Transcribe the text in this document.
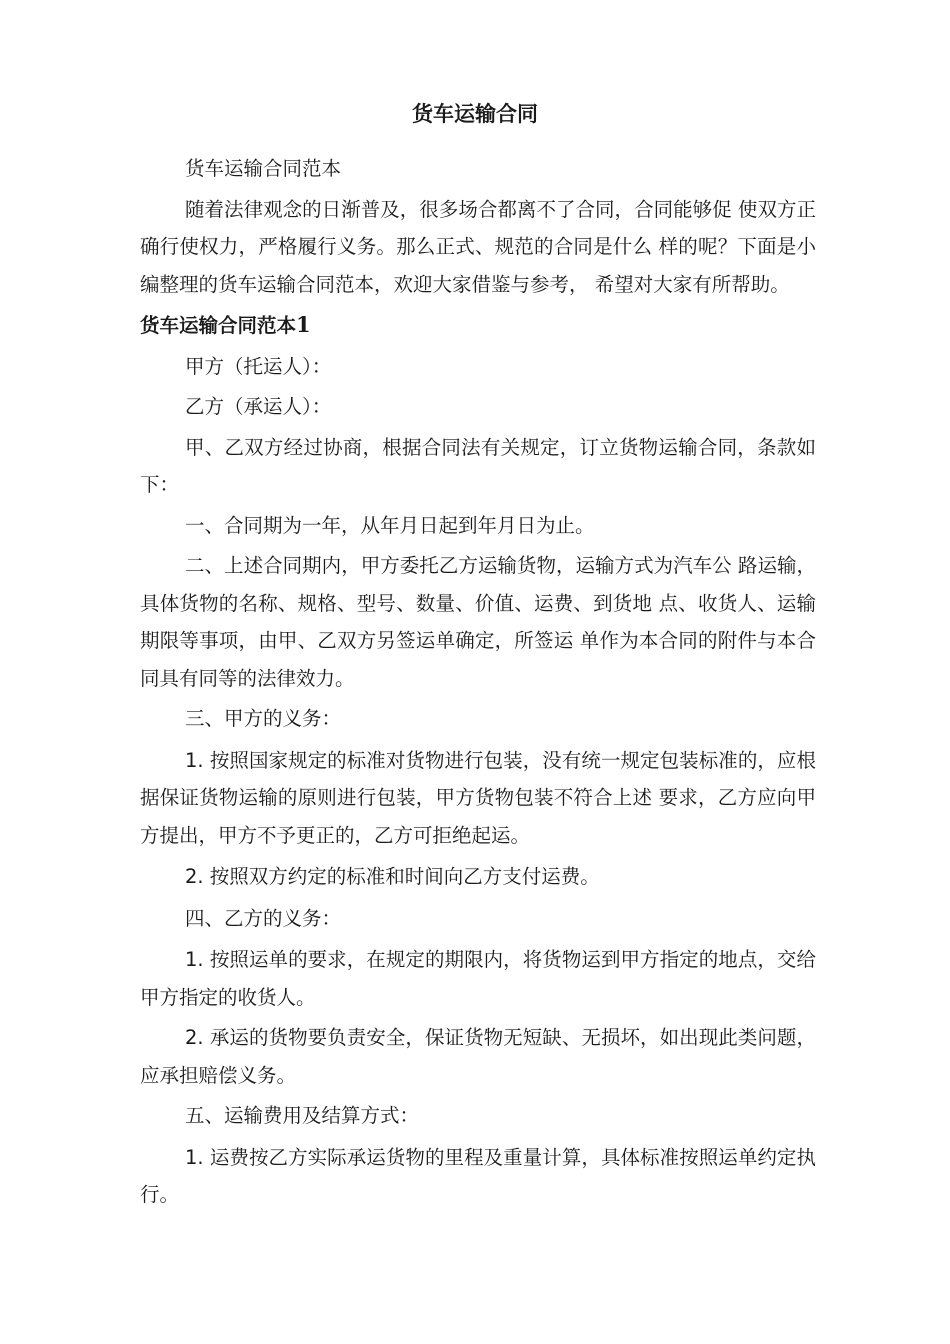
货车运输合同

货车运输合同范本

随着法律观念的日渐普及，很多场合都离不了合同，合同能够促 使双方正确行使权力，严格履行义务。那么正式、规范的合同是什么 样的呢？下面是小编整理的货车运输合同范本，欢迎大家借鉴与参考， 希望对大家有所帮助。

货车运输合同范本1

甲方（托运人）：

乙方（承运人）：

甲、乙双方经过协商，根据合同法有关规定，订立货物运输合同，条款如下：

一、合同期为一年，从年月日起到年月日为止。

二、上述合同期内，甲方委托乙方运输货物，运输方式为汽车公 路运输，具体货物的名称、规格、型号、数量、价值、运费、到货地 点、收货人、运输期限等事项，由甲、乙双方另签运单确定，所签运 单作为本合同的附件与本合同具有同等的法律效力。

三、甲方的义务：

1. 按照国家规定的标准对货物进行包装，没有统一规定包装标准的，应根据保证货物运输的原则进行包装，甲方货物包装不符合上述 要求，乙方应向甲方提出，甲方不予更正的，乙方可拒绝起运。

2. 按照双方约定的标准和时间向乙方支付运费。

四、乙方的义务：

1. 按照运单的要求，在规定的期限内，将货物运到甲方指定的地点，交给甲方指定的收货人。

2. 承运的货物要负责安全，保证货物无短缺、无损坏，如出现此类问题，应承担赔偿义务。

五、运输费用及结算方式：

1. 运费按乙方实际承运货物的里程及重量计算，具体标准按照运单约定执行。
